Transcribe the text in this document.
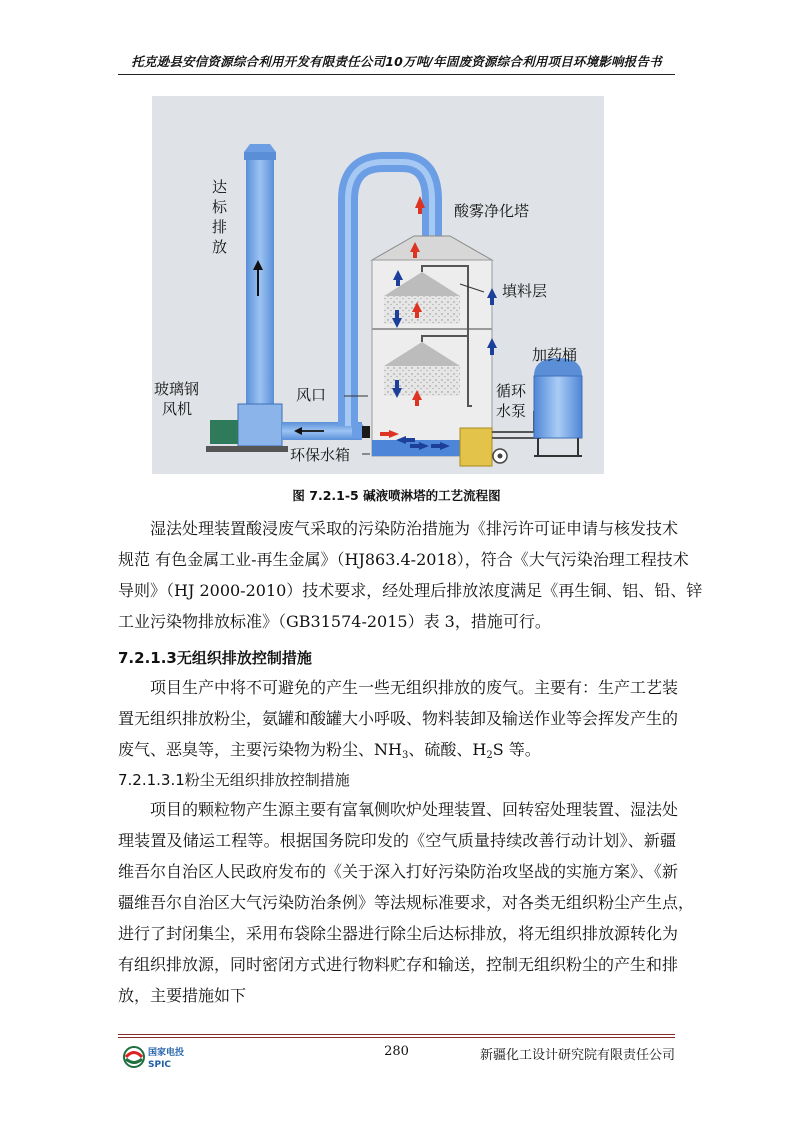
托克逊县安信资源综合利用开发有限责任公司10万吨/年固废资源综合利用项目环境影响报告书
达
标
排
放
酸雾净化塔
填料层
加药桶
玻璃钢
风机
风口	循环
水泵
环保水箱
图 7.2.1-5 碱液喷淋塔的工艺流程图
湿法处理装置酸浸废气采取的污染防治措施为《排污许可证申请与核发技术
规范 有色金属工业-再生金属》（HJ863.4-2018），符合《大气污染治理工程技术
导则》（HJ 2000-2010）技术要求，经处理后排放浓度满足《再生铜、铝、铅、锌
工业污染物排放标准》（GB31574-2015）表 3，措施可行。
7.2.1.3无组织排放控制措施
项目生产中将不可避免的产生一些无组织排放的废气。主要有：生产工艺装
置无组织排放粉尘，氨罐和酸罐大小呼吸、物料装卸及输送作业等会挥发产生的
废气、恶臭等，主要污染物为粉尘、$NH_3$、硫酸、$H_2S$ 等。
7.2.1.3.1粉尘无组织排放控制措施
项目的颗粒物产生源主要有富氧侧吹炉处理装置、回转窑处理装置、湿法处
理装置及储运工程等。根据国务院印发的《空气质量持续改善行动计划》、新疆
维吾尔自治区人民政府发布的《关于深入打好污染防治攻坚战的实施方案》、《新
疆维吾尔自治区大气污染防治条例》等法规标准要求，对各类无组织粉尘产生点，
进行了封闭集尘，采用布袋除尘器进行除尘后达标排放，将无组织排放源转化为
有组织排放源，同时密闭方式进行物料贮存和输送，控制无组织粉尘的产生和排
放，主要措施如下
国家电投
SPIC
280	新疆化工设计研究院有限责任公司
